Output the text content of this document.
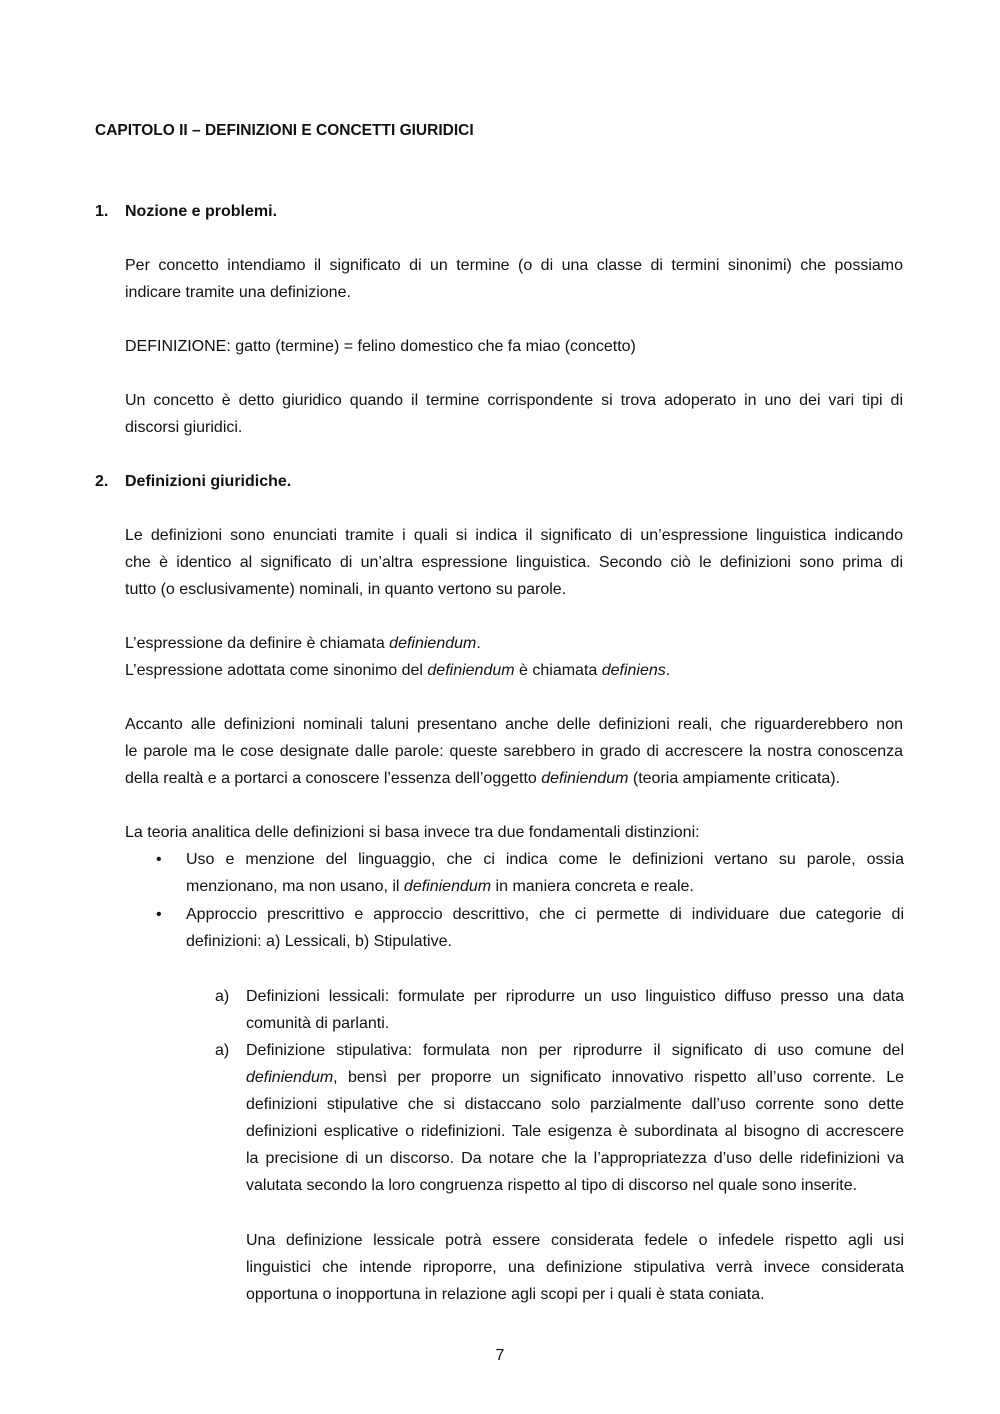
CAPITOLO II – DEFINIZIONI E CONCETTI GIURIDICI
1. Nozione e problemi.
Per concetto intendiamo il significato di un termine (o di una classe di termini sinonimi) che possiamo
indicare tramite una definizione.
DEFINIZIONE: gatto (termine) = felino domestico che fa miao (concetto)
Un concetto è detto giuridico quando il termine corrispondente si trova adoperato in uno dei vari tipi di
discorsi giuridici.
2. Definizioni giuridiche.
Le definizioni sono enunciati tramite i quali si indica il significato di un’espressione linguistica indicando
che è identico al significato di un’altra espressione linguistica. Secondo ciò le definizioni sono prima di
tutto (o esclusivamente) nominali, in quanto vertono su parole.
L’espressione da definire è chiamata definiendum.
L’espressione adottata come sinonimo del definiendum è chiamata definiens.
Accanto alle definizioni nominali taluni presentano anche delle definizioni reali, che riguarderebbero non
le parole ma le cose designate dalle parole: queste sarebbero in grado di accrescere la nostra conoscenza
della realtà e a portarci a conoscere l’essenza dell’oggetto definiendum (teoria ampiamente criticata).
La teoria analitica delle definizioni si basa invece tra due fondamentali distinzioni:
• Uso e menzione del linguaggio, che ci indica come le definizioni vertano su parole, ossia
menzionano, ma non usano, il definiendum in maniera concreta e reale.
• Approccio prescrittivo e approccio descrittivo, che ci permette di individuare due categorie di
definizioni: a) Lessicali, b) Stipulative.
a) Definizioni lessicali: formulate per riprodurre un uso linguistico diffuso presso una data
comunità di parlanti.
a) Definizione stipulativa: formulata non per riprodurre il significato di uso comune del
definiendum, bensì per proporre un significato innovativo rispetto all’uso corrente. Le
definizioni stipulative che si distaccano solo parzialmente dall’uso corrente sono dette
definizioni esplicative o ridefinizioni. Tale esigenza è subordinata al bisogno di accrescere
la precisione di un discorso. Da notare che la l’appropriatezza d’uso delle ridefinizioni va
valutata secondo la loro congruenza rispetto al tipo di discorso nel quale sono inserite.
Una definizione lessicale potrà essere considerata fedele o infedele rispetto agli usi
linguistici che intende riproporre, una definizione stipulativa verrà invece considerata
opportuna o inopportuna in relazione agli scopi per i quali è stata coniata.
7
